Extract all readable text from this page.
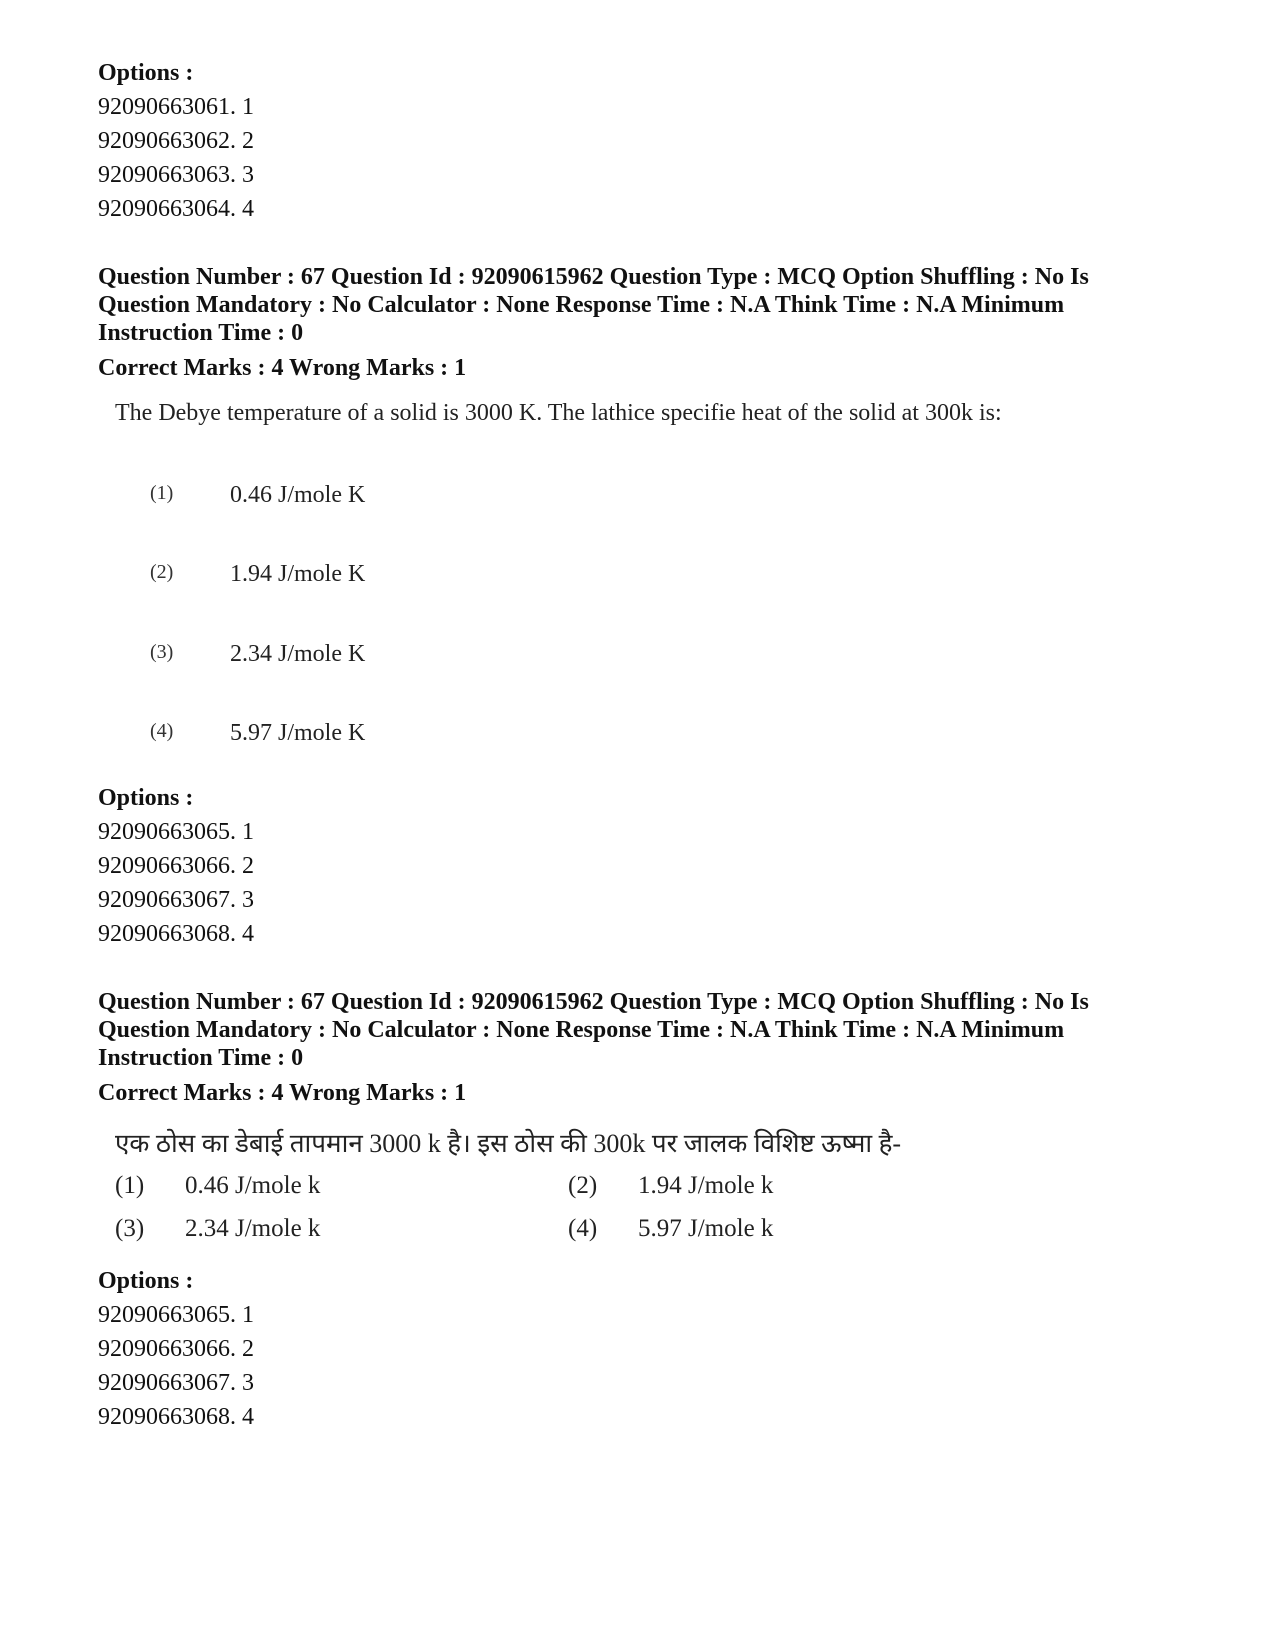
Options :
92090663061. 1
92090663062. 2
92090663063. 3
92090663064. 4
Question Number : 67 Question Id : 92090615962 Question Type : MCQ Option Shuffling : No Is
Question Mandatory : No Calculator : None Response Time : N.A Think Time : N.A Minimum
Instruction Time : 0
Correct Marks : 4 Wrong Marks : 1
The Debye temperature of a solid is 3000 K. The lathice specifie heat of the solid at 300k is:
(1) 0.46 J/mole K
(2) 1.94 J/mole K
(3) 2.34 J/mole K
(4) 5.97 J/mole K
Options :
92090663065. 1
92090663066. 2
92090663067. 3
92090663068. 4
Question Number : 67 Question Id : 92090615962 Question Type : MCQ Option Shuffling : No Is
Question Mandatory : No Calculator : None Response Time : N.A Think Time : N.A Minimum
Instruction Time : 0
Correct Marks : 4 Wrong Marks : 1
एक ठोस का डेबाई तापमान 3000 k है। इस ठोस की 300k पर जालक विशिष्ट ऊष्मा है-
(1) 0.46 J/mole k	(2) 1.94 J/mole k
(3) 2.34 J/mole k	(4) 5.97 J/mole k
Options :
92090663065. 1
92090663066. 2
92090663067. 3
92090663068. 4
